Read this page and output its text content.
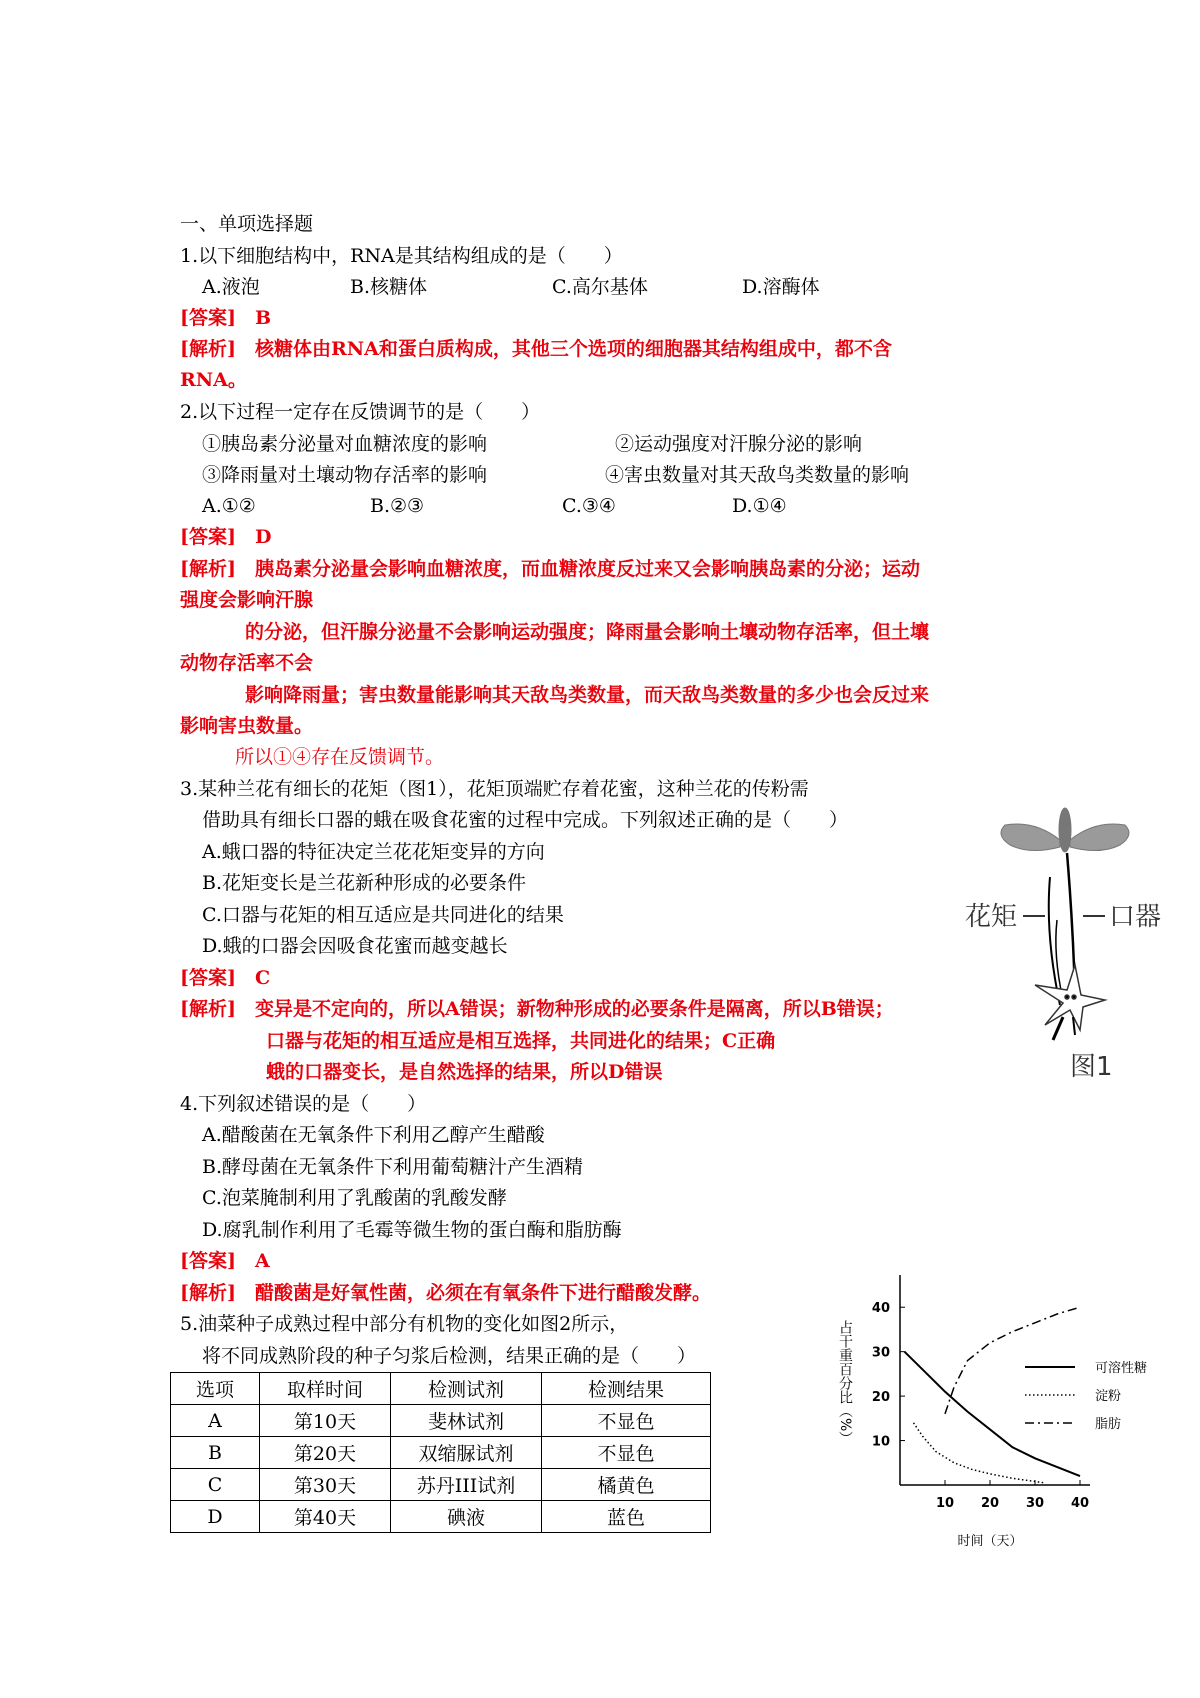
一、单项选择题
1.以下细胞结构中，RNA是其结构组成的是（　　）
A.液泡	B.核糖体	C.高尔基体	D.溶酶体
[答案]　B
[解析]　核糖体由RNA和蛋白质构成，其他三个选项的细胞器其结构组成中，都不含
RNA。
2.以下过程一定存在反馈调节的是（　　）
①胰岛素分泌量对血糖浓度的影响	②运动强度对汗腺分泌的影响
③降雨量对土壤动物存活率的影响	④害虫数量对其天敌鸟类数量的影响
A.①②	B.②③	C.③④	D.①④
[答案]　D
[解析]　胰岛素分泌量会影响血糖浓度，而血糖浓度反过来又会影响胰岛素的分泌；运动
强度会影响汗腺
的分泌，但汗腺分泌量不会影响运动强度；降雨量会影响土壤动物存活率，但土壤
动物存活率不会
影响降雨量；害虫数量能影响其天敌鸟类数量，而天敌鸟类数量的多少也会反过来
影响害虫数量。
所以①④存在反馈调节。
3.某种兰花有细长的花矩（图1），花矩顶端贮存着花蜜，这种兰花的传粉需
借助具有细长口器的蛾在吸食花蜜的过程中完成。下列叙述正确的是（　　）
A.蛾口器的特征决定兰花花矩变异的方向
B.花矩变长是兰花新种形成的必要条件
C.口器与花矩的相互适应是共同进化的结果
D.蛾的口器会因吸食花蜜而越变越长
[答案]　C
[解析]　变异是不定向的，所以A错误；新物种形成的必要条件是隔离，所以B错误；
口器与花矩的相互适应是相互选择，共同进化的结果；C正确
蛾的口器变长，是自然选择的结果，所以D错误
花矩	口器
图1
4.下列叙述错误的是（　　）
A.醋酸菌在无氧条件下利用乙醇产生醋酸
B.酵母菌在无氧条件下利用葡萄糖汁产生酒精
C.泡菜腌制利用了乳酸菌的乳酸发酵
D.腐乳制作利用了毛霉等微生物的蛋白酶和脂肪酶
[答案]　A
[解析]　醋酸菌是好氧性菌，必须在有氧条件下进行醋酸发酵。
5.油菜种子成熟过程中部分有机物的变化如图2所示，
将不同成熟阶段的种子匀浆后检测，结果正确的是（　　）
选项	取样时间	检测试剂	检测结果
A	第10天	斐林试剂	不显色
B	第20天	双缩脲试剂	不显色
C	第30天	苏丹III试剂	橘黄色
D	第40天	碘液	蓝色
10
20
30
40
10 20 30 40
可溶性糖
淀粉
脂肪
时间（天）
占干重百分比（%）
